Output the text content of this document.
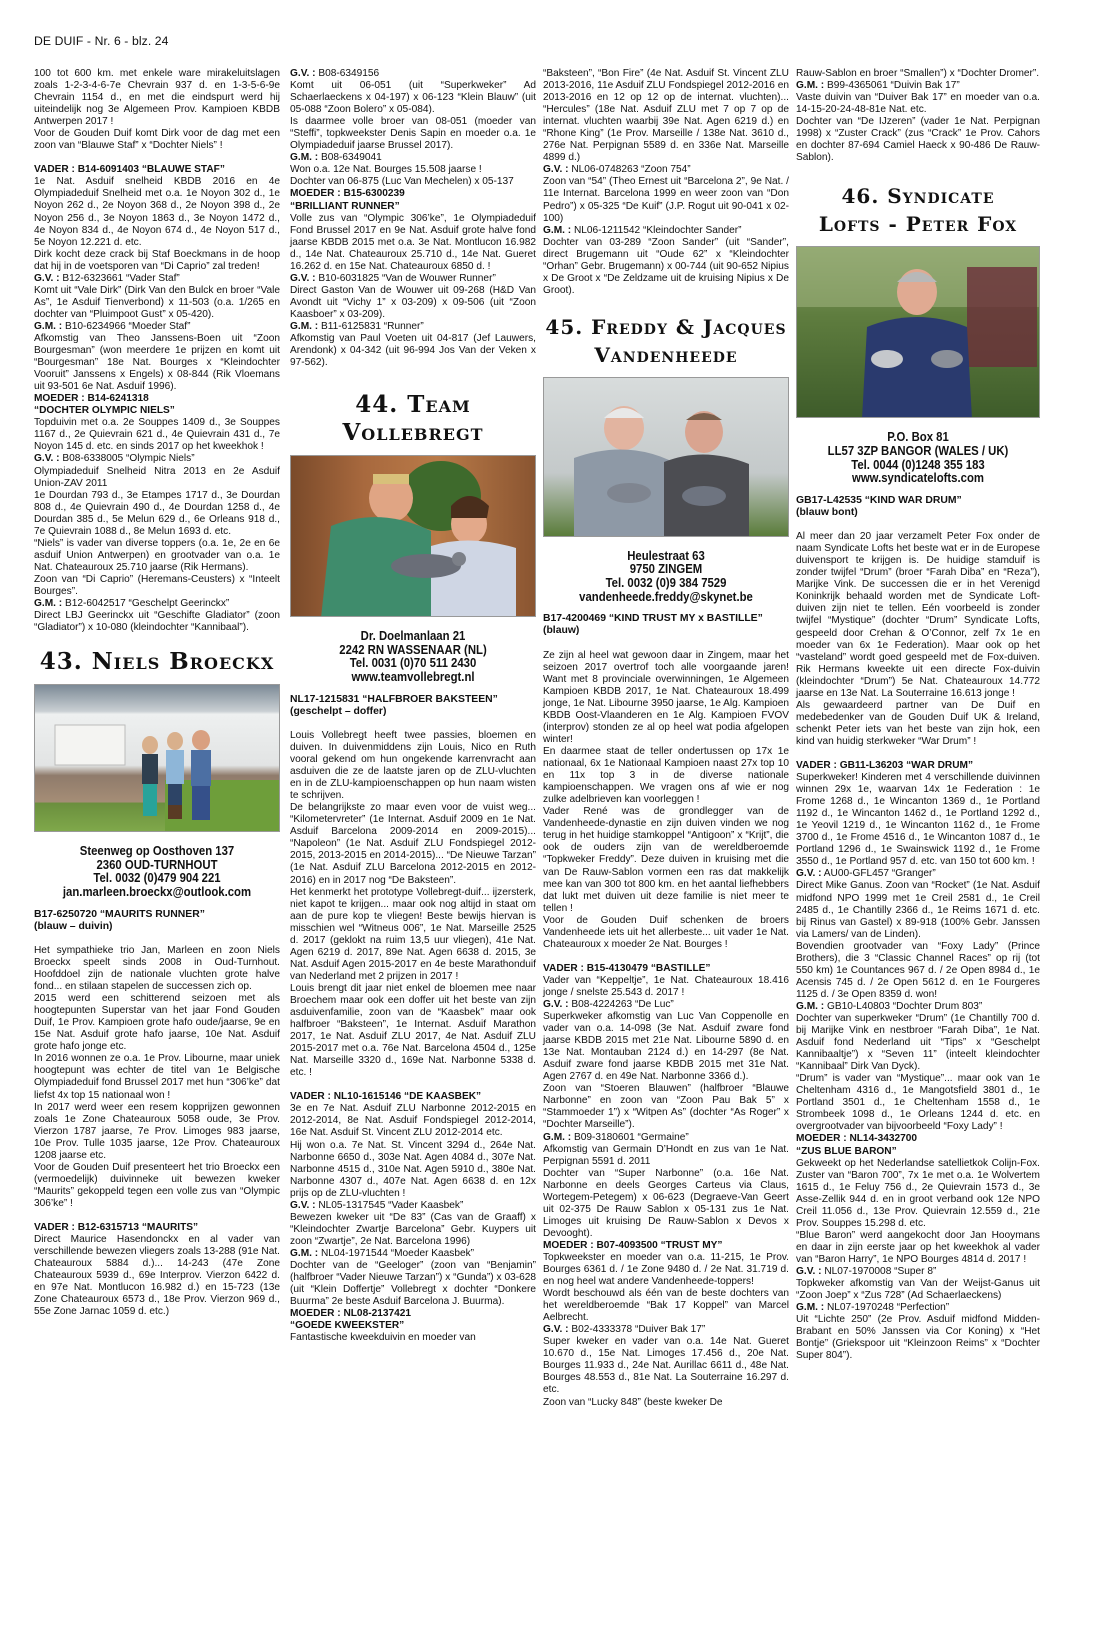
DE DUIF - Nr. 6 - blz. 24

100 tot 600 km. met enkele ware mirakeluitslagen zoals 1-2-3-4-6-7e Chevrain 937 d. en 1-3-5-6-9e Chevrain 1154 d., en met die eindspurt werd hij uiteindelijk nog 3e Algemeen Prov. Kampioen KBDB Antwerpen 2017 !

Voor de Gouden Duif komt Dirk voor de dag met een zoon van “Blauwe Staf” x “Dochter Niels” !

VADER : B14-6091403 “BLAUWE STAF”

1e Nat. Asduif snelheid KBDB 2016 en 4e Olympiadeduif Snelheid met o.a. 1e Noyon 302 d., 1e Noyon 262 d., 2e Noyon 368 d., 2e Noyon 398 d., 2e Noyon 256 d., 3e Noyon 1863 d., 3e Noyon 1472 d., 4e Noyon 834 d., 4e Noyon 674 d., 4e Noyon 517 d., 5e Noyon 12.221 d. etc.

Dirk kocht deze crack bij Staf Boeckmans in de hoop dat hij in de voetsporen van “Di Caprio” zal treden!

G.V. : B12-6323661 “Vader Staf”

Komt uit “Vale Dirk” (Dirk Van den Bulck en broer “Vale As”, 1e Asduif Tienverbond) x 11-503 (o.a. 1/265 en dochter van “Pluimpoot Gust” x 05-420).

G.M. : B10-6234966 “Moeder Staf”

Afkomstig van Theo Janssens-Boen uit “Zoon Bourgesman” (won meerdere 1e prijzen en komt uit “Bourgesman” 18e Nat. Bourges x “Kleindochter Vooruit” Janssens x Engels) x 08-844 (Rik Vloemans uit 93-501 6e Nat. Asduif 1996).

MOEDER : B14-6241318

“DOCHTER OLYMPIC NIELS”

Topduivin met o.a. 2e Souppes 1409 d., 3e Souppes 1167 d., 2e Quievrain 621 d., 4e Quievrain 431 d., 7e Noyon 145 d. etc. en sinds 2017 op het kweekhok !

G.V. : B08-6338005 “Olympic Niels”

Olympiadeduif Snelheid Nitra 2013 en 2e Asduif Union-ZAV 2011

1e Dourdan 793 d., 3e Etampes 1717 d., 3e Dourdan 808 d., 4e Quievrain 490 d., 4e Dourdan 1258 d., 4e Dourdan 385 d., 5e Melun 629 d., 6e Orleans 918 d., 7e Quievrain 1088 d., 8e Melun 1693 d. etc.

“Niels” is vader van diverse toppers (o.a. 1e, 2e en 6e asduif Union Antwerpen) en grootvader van o.a. 1e Nat. Chateauroux 25.710 jaarse (Rik Hermans).

Zoon van “Di Caprio” (Heremans-Ceusters) x “Inteelt Bourges”.

G.M. : B12-6042517 “Geschelpt Geerinckx”

Direct LBJ Geerinckx uit “Geschifte Gladiator” (zoon “Gladiator”) x 10-080 (kleindochter “Kannibaal”).

43. Niels Broeckx
Steenweg op Oosthoven 137
2360 OUD-TURNHOUT
Tel. 0032 (0)479 904 221
jan.marleen.broeckx@outlook.com

B17-6250720 “MAURITS RUNNER”

(blauw – duivin)

Het sympathieke trio Jan, Marleen en zoon Niels Broeckx speelt sinds 2008 in Oud-Turnhout. Hoofddoel zijn de nationale vluchten grote halve fond... en stilaan stapelen de successen zich op.

2015 werd een schitterend seizoen met als hoogtepunten Superstar van het jaar Fond Gouden Duif, 1e Prov. Kampioen grote hafo oude/jaarse, 9e en 15e Nat. Asduif grote hafo jaarse, 10e Nat. Asduif grote hafo jonge etc.

In 2016 wonnen ze o.a. 1e Prov. Libourne, maar uniek hoogtepunt was echter de titel van 1e Belgische Olympiadeduif fond Brussel 2017 met hun “306’ke” dat liefst 4x top 15 nationaal won !

In 2017 werd weer een resem kopprijzen gewonnen zoals 1e Zone Chateauroux 5058 oude, 3e Prov. Vierzon 1787 jaarse, 7e Prov. Limoges 983 jaarse, 10e Prov. Tulle 1035 jaarse, 12e Prov. Chateauroux 1208 jaarse etc.

Voor de Gouden Duif presenteert het trio Broeckx een (vermoedelijk) duivinneke uit bewezen kweker “Maurits” gekoppeld tegen een volle zus van “Olympic 306’ke” !

VADER : B12-6315713 “MAURITS”

Direct Maurice Hasendonckx en al vader van verschillende bewezen vliegers zoals 13-288 (91e Nat. Chateauroux 5884 d.)... 14-243 (47e Zone Chateauroux 5939 d., 69e Interprov. Vierzon 6422 d. en 97e Nat. Montlucon 16.982 d.) en 15-723 (13e Zone Chateauroux 6573 d., 18e Prov. Vierzon 969 d., 55e Zone Jarnac 1059 d. etc.)

G.V. : B08-6349156

Komt uit 06-051 (uit “Superkweker” Ad Schaerlaeckens x 04-197) x 06-123 “Klein Blauw” (uit 05-088 “Zoon Bolero” x 05-084).

Is daarmee volle broer van 08-051 (moeder van “Steffi”, topkweekster Denis Sapin en moeder o.a. 1e Olympiadeduif jaarse Brussel 2017).

G.M. : B08-6349041

Won o.a. 12e Nat. Bourges 15.508 jaarse !

Dochter van 06-875 (Luc Van Mechelen) x 05-137

MOEDER : B15-6300239

“BRILLIANT RUNNER”

Volle zus van “Olympic 306’ke”, 1e Olympiadeduif Fond Brussel 2017 en 9e Nat. Asduif grote halve fond jaarse KBDB 2015 met o.a. 3e Nat. Montlucon 16.982 d., 14e Nat. Chateauroux 25.710 d., 14e Nat. Gueret 16.262 d. en 15e Nat. Chateauroux 6850 d. !

G.V. : B10-6031825 “Van de Wouwer Runner”

Direct Gaston Van de Wouwer uit 09-268 (H&D Van Avondt uit “Vichy 1” x 03-209) x 09-506 (uit “Zoon Kaasboer” x 03-209).

G.M. : B11-6125831 “Runner”

Afkomstig van Paul Voeten uit 04-817 (Jef Lauwers, Arendonk) x 04-342 (uit 96-994 Jos Van der Veken x 97-562).

44. Team
Vollebregt
Dr. Doelmanlaan 21
2242 RN WASSENAAR (NL)
Tel. 0031 (0)70 511 2430
www.teamvollebregt.nl

NL17-1215831 “HALFBROER BAKSTEEN”

(geschelpt – doffer)

Louis Vollebregt heeft twee passies, bloemen en duiven. In duivenmiddens zijn Louis, Nico en Ruth vooral gekend om hun ongekende karrenvracht aan asduiven die ze de laatste jaren op de ZLU-vluchten en in de ZLU-kampioenschappen op hun naam wisten te schrijven.

De belangrijkste zo maar even voor de vuist weg... “Kilometervreter” (1e Internat. Asduif 2009 en 1e Nat. Asduif Barcelona 2009-2014 en 2009-2015)... “Napoleon” (1e Nat. Asduif ZLU Fondspiegel 2012-2015, 2013-2015 en 2014-2015)... “De Nieuwe Tarzan” (1e Nat. Asduif ZLU Barcelona 2012-2015 en 2012-2016) en in 2017 nog “De Baksteen”.

Het kenmerkt het prototype Vollebregt-duif... ijzersterk, niet kapot te krijgen... maar ook nog altijd in staat om aan de pure kop te vliegen! Beste bewijs hiervan is misschien wel “Witneus 006”, 1e Nat. Marseille 2525 d. 2017 (geklokt na ruim 13,5 uur vliegen), 41e Nat. Agen 6219 d. 2017, 89e Nat. Agen 6638 d. 2015, 3e Nat. Asduif Agen 2015-2017 en 4e beste Marathonduif van Nederland met 2 prijzen in 2017 !

Louis brengt dit jaar niet enkel de bloemen mee naar Broechem maar ook een doffer uit het beste van zijn asduivenfamilie, zoon van de “Kaasbek” maar ook halfbroer “Baksteen”, 1e Internat. Asduif Marathon 2017, 1e Nat. Asduif ZLU 2017, 4e Nat. Asduif ZLU 2015-2017 met o.a. 76e Nat. Barcelona 4504 d., 125e Nat. Marseille 3320 d., 169e Nat. Narbonne 5338 d. etc. !

VADER : NL10-1615146 “DE KAASBEK”

3e en 7e Nat. Asduif ZLU Narbonne 2012-2015 en 2012-2014, 8e Nat. Asduif Fondspiegel 2012-2014, 16e Nat. Asduif St. Vincent ZLU 2012-2014 etc.

Hij won o.a. 7e Nat. St. Vincent 3294 d., 264e Nat. Narbonne 6650 d., 303e Nat. Agen 4084 d., 307e Nat. Narbonne 4515 d., 310e Nat. Agen 5910 d., 380e Nat. Narbonne 4307 d., 407e Nat. Agen 6638 d. en 12x prijs op de ZLU-vluchten !

G.V. : NL05-1317545 “Vader Kaasbek”

Bewezen kweker uit “De 83” (Cas van de Graaff) x “Kleindochter Zwartje Barcelona” Gebr. Kuypers uit zoon “Zwartje”, 2e Nat. Barcelona 1996)

G.M. : NL04-1971544 “Moeder Kaasbek”

Dochter van de “Geeloger” (zoon van “Benjamin” (halfbroer “Vader Nieuwe Tarzan”) x “Gunda”) x 03-628 (uit “Klein Doffertje” Vollebregt x dochter “Donkere Buurma” 2e beste Asduif Barcelona J. Buurma).

MOEDER : NL08-2137421

“GOEDE KWEEKSTER”

Fantastische kweekduivin en moeder van

“Baksteen”, “Bon Fire” (4e Nat. Asduif St. Vincent ZLU 2013-2016, 11e Asduif ZLU Fondspiegel 2012-2016 en 2013-2016 en 12 op 12 op de internat. vluchten)... “Hercules” (18e Nat. Asduif ZLU met 7 op 7 op de internat. vluchten waarbij 39e Nat. Agen 6219 d.) en “Rhone King” (1e Prov. Marseille / 138e Nat. 3610 d., 276e Nat. Perpignan 5589 d. en 336e Nat. Marseille 4899 d.)

G.V. : NL06-0748263 “Zoon 754”

Zoon van “54” (Theo Ernest uit “Barcelona 2”, 9e Nat. / 11e Internat. Barcelona 1999 en weer zoon van “Don Pedro”) x 05-325 “De Kuif” (J.P. Rogut uit 90-041 x 02-100)

G.M. : NL06-1211542 “Kleindochter Sander”

Dochter van 03-289 “Zoon Sander” (uit “Sander”, direct Brugemann uit “Oude 62” x “Kleindochter “Orhan” Gebr. Brugemann) x 00-744 (uit 90-652 Nipius x De Groot x “De Zeldzame uit de kruising Nipius x De Groot).

45. Freddy & Jacques
Vandenheede
Heulestraat 63
9750 ZINGEM
Tel. 0032 (0)9 384 7529
vandenheede.freddy@skynet.be

B17-4200469 “KIND TRUST MY x BASTILLE”

(blauw)

Ze zijn al heel wat gewoon daar in Zingem, maar het seizoen 2017 overtrof toch alle voorgaande jaren! Want met 8 provinciale overwinningen, 1e Algemeen Kampioen KBDB 2017, 1e Nat. Chateauroux 18.499 jonge, 1e Nat. Libourne 3950 jaarse, 1e Alg. Kampioen KBDB Oost-Vlaanderen en 1e Alg. Kampioen FVOV (interprov) stonden ze al op heel wat podia afgelopen winter!

En daarmee staat de teller ondertussen op 17x 1e nationaal, 6x 1e Nationaal Kampioen naast 27x top 10 en 11x top 3 in de diverse nationale kampioenschappen. We vragen ons af wie er nog zulke adelbrieven kan voorleggen !

Vader René was de grondlegger van de Vandenheede-dynastie en zijn duiven vinden we nog terug in het huidige stamkoppel “Antigoon” x “Krijt”, die ook de ouders zijn van de wereldberoemde “Topkweker Freddy”. Deze duiven in kruising met die van De Rauw-Sablon vormen een ras dat makkelijk mee kan van 300 tot 800 km. en het aantal liefhebbers dat lukt met duiven uit deze familie is niet meer te tellen !

Voor de Gouden Duif schenken de broers Vandenheede iets uit het allerbeste... uit vader 1e Nat. Chateauroux x moeder 2e Nat. Bourges !

VADER : B15-4130479 “BASTILLE”

Vader van “Keppeltje”, 1e Nat. Chateauroux 18.416 jonge / snelste 25.543 d. 2017 !

G.V. : B08-4224263 “De Luc”

Superkweker afkomstig van Luc Van Coppenolle en vader van o.a. 14-098 (3e Nat. Asduif zware fond jaarse KBDB 2015 met 21e Nat. Libourne 5890 d. en 13e Nat. Montauban 2124 d.) en 14-297 (8e Nat. Asduif zware fond jaarse KBDB 2015 met 31e Nat. Agen 2767 d. en 49e Nat. Narbonne 3366 d.).

Zoon van “Stoeren Blauwen” (halfbroer “Blauwe Narbonne” en zoon van “Zoon Pau Bak 5” x “Stammoeder 1”) x “Witpen As” (dochter “As Roger” x “Dochter Marseille”).

G.M. : B09-3180601 “Germaine”

Afkomstig van Germain D’Hondt en zus van 1e Nat. Perpignan 5591 d. 2011

Dochter van “Super Narbonne” (o.a. 16e Nat. Narbonne en deels Georges Carteus via Claus, Wortegem-Petegem) x 06-623 (Degraeve-Van Geert uit 02-375 De Rauw Sablon x 05-131 zus 1e Nat. Limoges uit kruising De Rauw-Sablon x Devos x Devooght).

MOEDER : B07-4093500 “TRUST MY”

Topkweekster en moeder van o.a. 11-215, 1e Prov. Bourges 6361 d. / 1e Zone 9480 d. / 2e Nat. 31.719 d. en nog heel wat andere Vandenheede-toppers!

Wordt beschouwd als één van de beste dochters van het wereldberoemde “Bak 17 Koppel” van Marcel Aelbrecht.

G.V. : B02-4333378 “Duiver Bak 17”

Super kweker en vader van o.a. 14e Nat. Gueret 10.670 d., 15e Nat. Limoges 17.456 d., 20e Nat. Bourges 11.933 d., 24e Nat. Aurillac 6611 d., 48e Nat. Bourges 48.553 d., 81e Nat. La Souterraine 16.297 d. etc.

Zoon van “Lucky 848” (beste kweker De

Rauw-Sablon en broer “Smallen”) x “Dochter Dromer”.

G.M. : B99-4365061 “Duivin Bak 17”

Vaste duivin van “Duiver Bak 17” en moeder van o.a. 14-15-20-24-48-81e Nat. etc.

Dochter van “De IJzeren” (vader 1e Nat. Perpignan 1998) x “Zuster Crack” (zus “Crack” 1e Prov. Cahors en dochter 87-694 Camiel Haeck x 90-486 De Rauw-Sablon).

46. Syndicate
Lofts - Peter Fox
P.O. Box 81
LL57 3ZP BANGOR (WALES / UK)
Tel. 0044 (0)1248 355 183
www.syndicatelofts.com

GB17-L42535 “KIND WAR DRUM”

(blauw bont)

Al meer dan 20 jaar verzamelt Peter Fox onder de naam Syndicate Lofts het beste wat er in de Europese duivensport te krijgen is. De huidige stamduif is zonder twijfel “Drum” (broer “Farah Diba” en “Reza”), Marijke Vink. De successen die er in het Verenigd Koninkrijk behaald worden met de Syndicate Loft-duiven zijn niet te tellen. Eén voorbeeld is zonder twijfel “Mystique” (dochter “Drum” Syndicate Lofts, gespeeld door Crehan & O’Connor, zelf 7x 1e en moeder van 6x 1e Federation). Maar ook op het “vasteland” wordt goed gespeeld met de Fox-duiven. Rik Hermans kweekte uit een directe Fox-duivin (kleindochter “Drum”) 5e Nat. Chateauroux 14.772 jaarse en 13e Nat. La Souterraine 16.613 jonge !

Als gewaardeerd partner van De Duif en medebedenker van de Gouden Duif UK & Ireland, schenkt Peter iets van het beste van zijn hok, een kind van huidig sterkweker “War Drum” !

VADER : GB11-L36203 “WAR DRUM”

Superkweker! Kinderen met 4 verschillende duivinnen winnen 29x 1e, waarvan 14x 1e Federation : 1e Frome 1268 d., 1e Wincanton 1369 d., 1e Portland 1192 d., 1e Wincanton 1462 d., 1e Portland 1292 d., 1e Yeovil 1219 d., 1e Wincanton 1162 d., 1e Frome 3700 d., 1e Frome 4516 d., 1e Wincanton 1087 d., 1e Portland 1296 d., 1e Swainswick 1192 d., 1e Frome 3550 d., 1e Portland 957 d. etc. van 150 tot 600 km. !

G.V. : AU00-GFL457 “Granger”

Direct Mike Ganus. Zoon van “Rocket” (1e Nat. Asduif midfond NPO 1999 met 1e Creil 2581 d., 1e Creil 2485 d., 1e Chantilly 2366 d., 1e Reims 1671 d. etc. bij Rinus van Gastel) x 89-918 (100% Gebr. Janssen via Lamers/ van de Linden).

Bovendien grootvader van “Foxy Lady” (Prince Brothers), die 3 “Classic Channel Races” op rij (tot 550 km) 1e Countances 967 d. / 2e Open 8984 d., 1e Acensis 745 d. / 2e Open 5612 d. en 1e Fourgeres 1125 d. / 3e Open 8359 d. won!

G.M. : GB10-L40803 “Dochter Drum 803”

Dochter van superkweker “Drum” (1e Chantilly 700 d. bij Marijke Vink en nestbroer “Farah Diba”, 1e Nat. Asduif fond Nederland uit “Tips” x “Geschelpt Kannibaaltje”) x “Seven 11” (inteelt kleindochter “Kannibaal” Dirk Van Dyck).

“Drum” is vader van “Mystique”... maar ook van 1e Cheltenham 4316 d., 1e Mangotsfield 3801 d., 1e Portland 3501 d., 1e Cheltenham 1558 d., 1e Strombeek 1098 d., 1e Orleans 1244 d. etc. en overgrootvader van bijvoorbeeld “Foxy Lady” !

MOEDER : NL14-3432700

“ZUS BLUE BARON”

Gekweekt op het Nederlandse satellietkok Colijn-Fox. Zuster van “Baron 700”, 7x 1e met o.a. 1e Wolvertem 1615 d., 1e Feluy 756 d., 2e Quievrain 1573 d., 3e Asse-Zellik 944 d. en in groot verband ook 12e NPO Creil 11.056 d., 13e Prov. Quievrain 12.559 d., 21e Prov. Souppes 15.298 d. etc.

“Blue Baron” werd aangekocht door Jan Hooymans en daar in zijn eerste jaar op het kweekhok al vader van “Baron Harry”, 1e NPO Bourges 4814 d. 2017 !

G.V. : NL07-1970008 “Super 8”

Topkweker afkomstig van Van der Weijst-Ganus uit “Zoon Joep” x “Zus 728” (Ad Schaerlaeckens)

G.M. : NL07-1970248 “Perfection”

Uit “Lichte 250” (2e Prov. Asduif midfond Midden-Brabant en 50% Janssen via Cor Koning) x “Het Bontje” (Griekspoor uit “Kleinzoon Reims” x “Dochter Super 804”).
